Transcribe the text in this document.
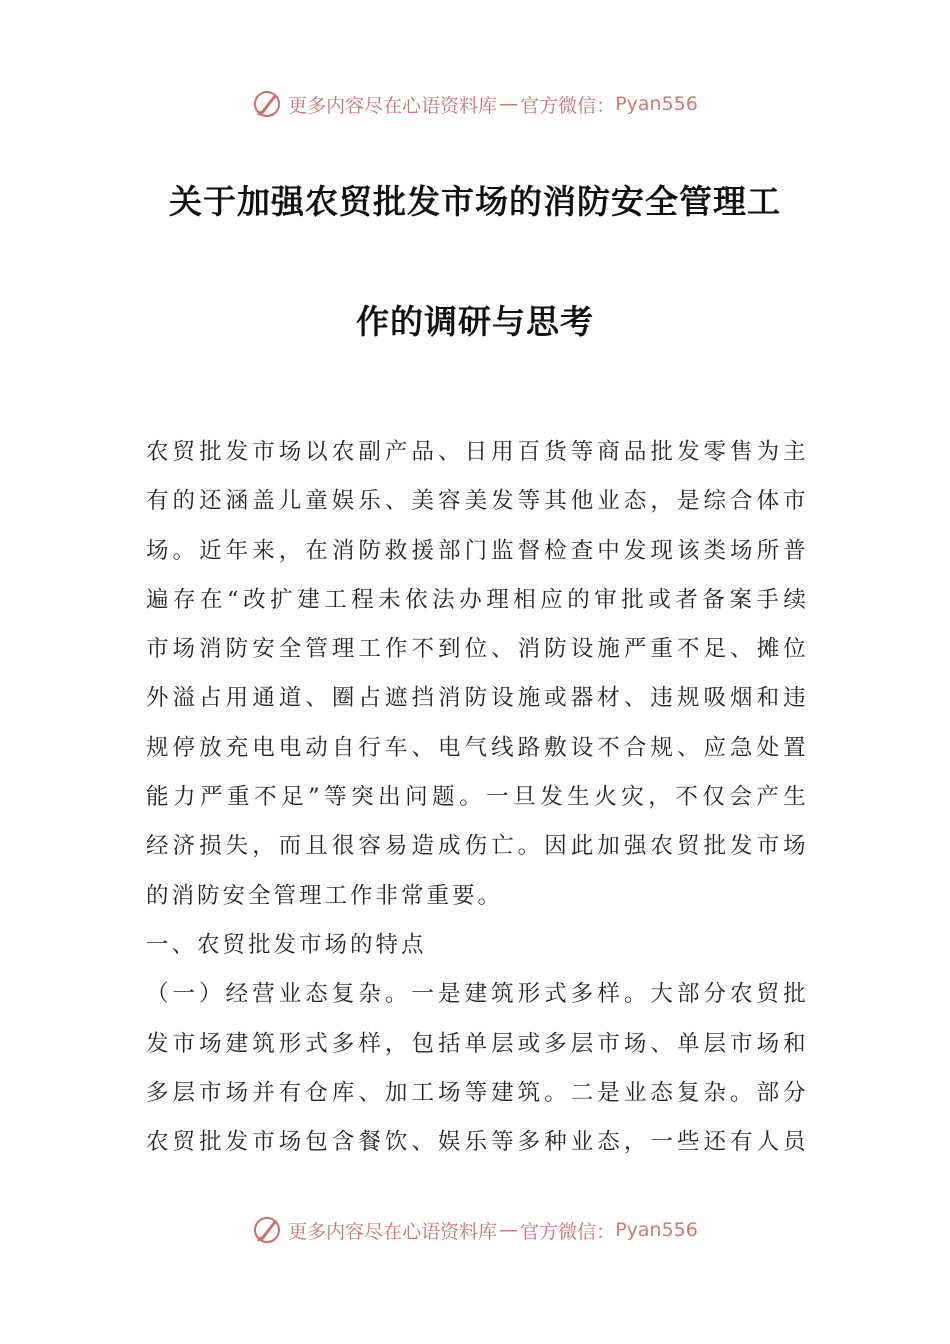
更多内容尽在心语资料库 — 官方微信： Pyan556
关于加强农贸批发市场的消防安全管理工
作的调研与思考
农 贸 批 发 市 场 以 农 副 产 品 、 日 用 百 货 等 商 品 批 发 零 售 为 主
有 的 还 涵 盖 儿 童 娱 乐 、 美 容 美 发 等 其 他 业 态 ， 是 综 合 体 市
场 。 近 年 来 ， 在 消 防 救 援 部 门 监 督 检 查 中 发 现 该 类 场 所 普
遍 存 在 “ 改 扩 建 工 程 未 依 法 办 理 相 应 的 审 批 或 者 备 案 手 续
市 场 消 防 安 全 管 理 工 作 不 到 位 、 消 防 设 施 严 重 不 足 、 摊 位
外 溢 占 用 通 道 、 圈 占 遮 挡 消 防 设 施 或 器 材 、 违 规 吸 烟 和 违
规 停 放 充 电 电 动 自 行 车 、 电 气 线 路 敷 设 不 合 规 、 应 急 处 置
能 力 严 重 不 足 ” 等 突 出 问 题 。 一 旦 发 生 火 灾 ， 不 仅 会 产 生
经 济 损 失 ， 而 且 很 容 易 造 成 伤 亡 。 因 此 加 强 农 贸 批 发 市 场
的消防安全管理工作非常重要。
一、农贸批发市场的特点
（ 一 ） 经 营 业 态 复 杂 。 一 是 建 筑 形 式 多 样 。 大 部 分 农 贸 批
发 市 场 建 筑 形 式 多 样 ， 包 括 单 层 或 多 层 市 场 、 单 层 市 场 和
多 层 市 场 并 有 仓 库 、 加 工 场 等 建 筑 。 二 是 业 态 复 杂 。 部 分
农 贸 批 发 市 场 包 含 餐 饮 、 娱 乐 等 多 种 业 态 ， 一 些 还 有 人 员
更多内容尽在心语资料库 — 官方微信： Pyan556
